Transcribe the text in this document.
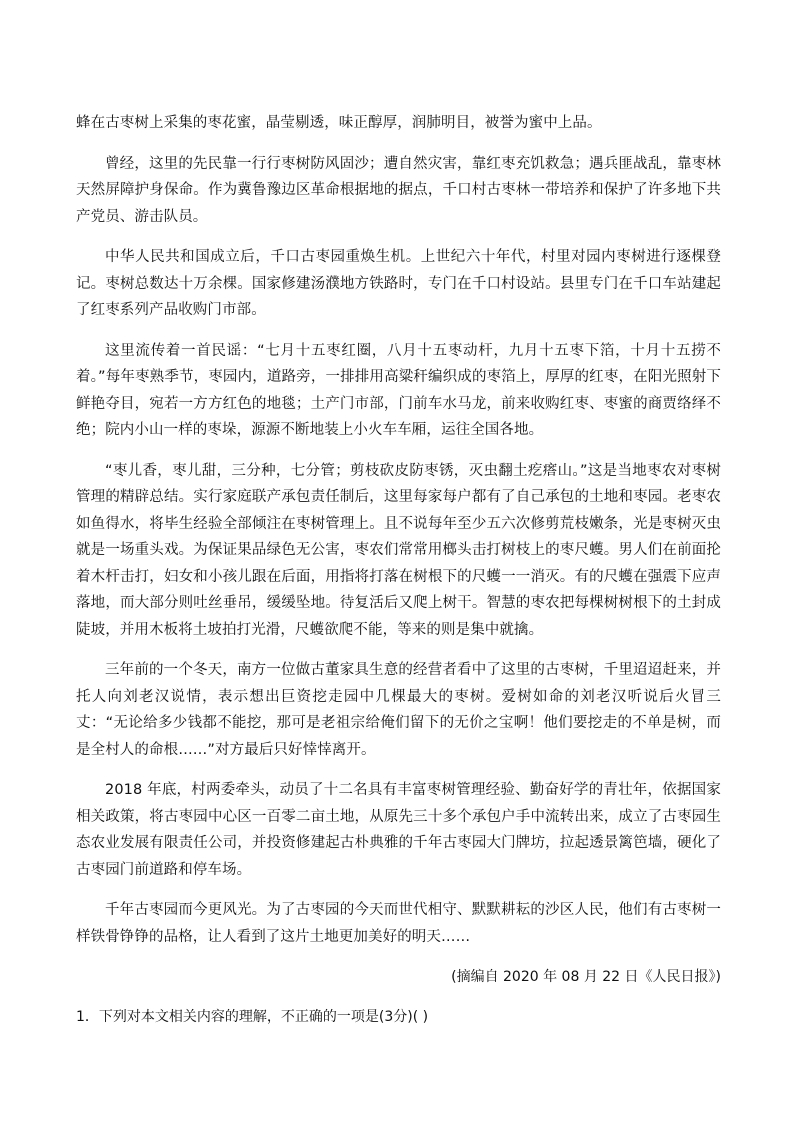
蜂在古枣树上采集的枣花蜜，晶莹剔透，味正醇厚，润肺明目，被誉为蜜中上品。

曾经，这里的先民靠一行行枣树防风固沙；遭自然灾害，靠红枣充饥救急；遇兵匪战乱，靠枣林天然屏障护身保命。作为冀鲁豫边区革命根据地的据点，千口村古枣林一带培养和保护了许多地下共产党员、游击队员。

中华人民共和国成立后，千口古枣园重焕生机。上世纪六十年代，村里对园内枣树进行逐棵登记。枣树总数达十万余棵。国家修建汤濮地方铁路时，专门在千口村设站。县里专门在千口车站建起了红枣系列产品收购门市部。

这里流传着一首民谣：“七月十五枣红圈，八月十五枣动杆，九月十五枣下箔，十月十五捞不着。”每年枣熟季节，枣园内，道路旁，一排排用高粱秆编织成的枣箔上，厚厚的红枣，在阳光照射下鲜艳夺目，宛若一方方红色的地毯；土产门市部，门前车水马龙，前来收购红枣、枣蜜的商贾络绎不绝；院内小山一样的枣垛，源源不断地装上小火车车厢，运往全国各地。

“枣儿香，枣儿甜，三分种，七分管；剪枝砍皮防枣锈，灭虫翻土疙瘩山。”这是当地枣农对枣树管理的精辟总结。实行家庭联产承包责任制后，这里每家每户都有了自己承包的土地和枣园。老枣农如鱼得水，将毕生经验全部倾注在枣树管理上。且不说每年至少五六次修剪荒枝嫩条，光是枣树灭虫就是一场重头戏。为保证果品绿色无公害，枣农们常常用榔头击打树枝上的枣尺蠖。男人们在前面抡着木杆击打，妇女和小孩儿跟在后面，用指将打落在树根下的尺蠖一一消灭。有的尺蠖在强震下应声落地，而大部分则吐丝垂吊，缓缓坠地。待复活后又爬上树干。智慧的枣农把每棵树树根下的土封成陡坡，并用木板将土坡拍打光滑，尺蠖欲爬不能，等来的则是集中就擒。

三年前的一个冬天，南方一位做古董家具生意的经营者看中了这里的古枣树，千里迢迢赶来，并托人向刘老汉说情，表示想出巨资挖走园中几棵最大的枣树。爱树如命的刘老汉听说后火冒三丈：“无论给多少钱都不能挖，那可是老祖宗给俺们留下的无价之宝啊！他们要挖走的不单是树，而是全村人的命根……”对方最后只好悻悻离开。

2018 年底，村两委牵头，动员了十二名具有丰富枣树管理经验、勤奋好学的青壮年，依据国家相关政策，将古枣园中心区一百零二亩土地，从原先三十多个承包户手中流转出来，成立了古枣园生态农业发展有限责任公司，并投资修建起古朴典雅的千年古枣园大门牌坊，拉起透景篱笆墙，硬化了古枣园门前道路和停车场。

千年古枣园而今更风光。为了古枣园的今天而世代相守、默默耕耘的沙区人民，他们有古枣树一样铁骨铮铮的品格，让人看到了这片土地更加美好的明天……

(摘编自 2020 年 08 月 22 日《人民日报》)

1．下列对本文相关内容的理解，不正确的一项是(3分)( )
